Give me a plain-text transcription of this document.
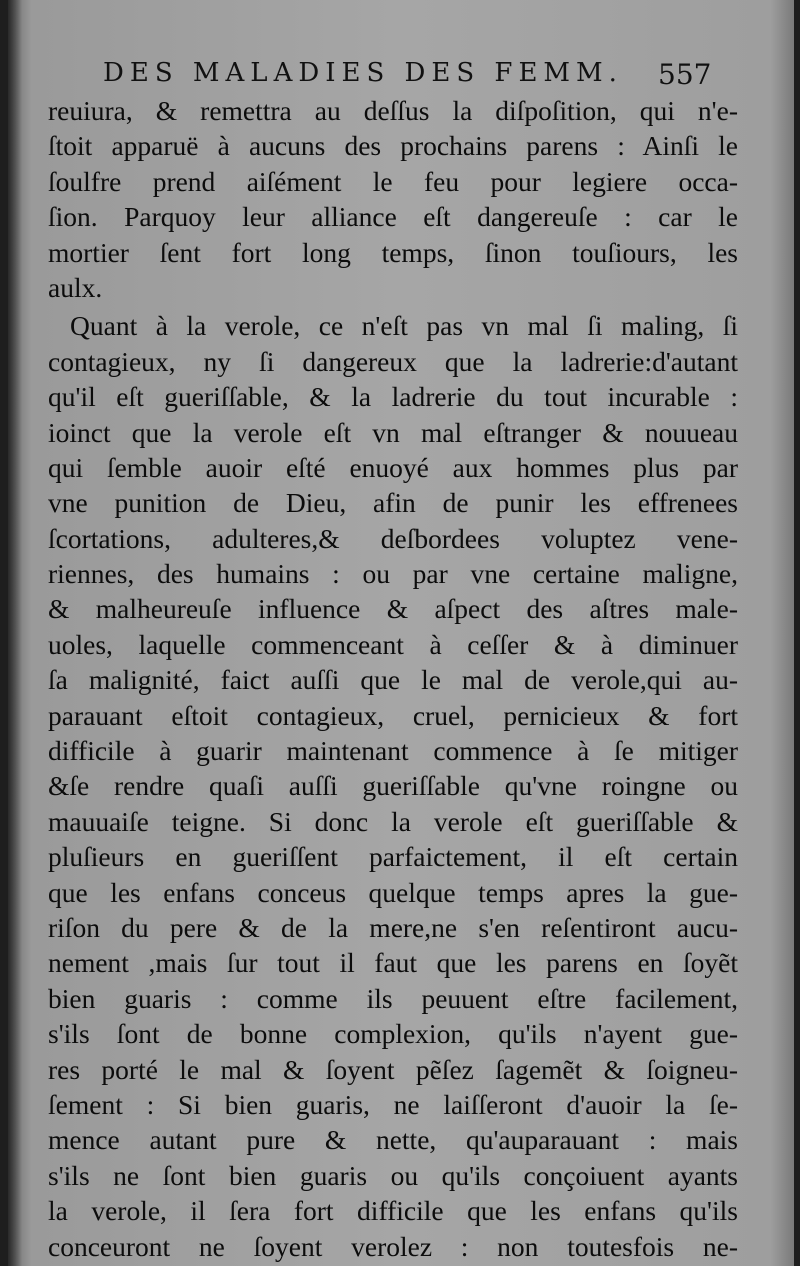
DES MALADIES DES FEMM. 557
reuiura, & remettra au deſſus la diſpoſition, qui n'e-
ſtoit apparuë à aucuns des prochains parens : Ainſi le
ſoulfre prend aiſément le feu pour legiere occa-
ſion. Parquoy leur alliance eſt dangereuſe : car le
mortier ſent fort long temps, ſinon touſiours, les
aulx.
Quant à la verole, ce n'eſt pas vn mal ſi maling, ſi
contagieux, ny ſi dangereux que la ladrerie:d'autant
qu'il eſt gueriſſable, & la ladrerie du tout incurable :
ioinct que la verole eſt vn mal eſtranger & nouueau
qui ſemble auoir eſté enuoyé aux hommes plus par
vne punition de Dieu, afin de punir les effrenees
ſcortations, adulteres,& deſbordees voluptez vene-
riennes, des humains : ou par vne certaine maligne,
& malheureuſe influence & aſpect des aſtres male-
uoles, laquelle commenceant à ceſſer & à diminuer
ſa malignité, faict auſſi que le mal de verole,qui au-
parauant eſtoit contagieux, cruel, pernicieux & fort
difficile à guarir maintenant commence à ſe mitiger
&ſe rendre quaſi auſſi gueriſſable qu'vne roingne ou
mauuaiſe teigne. Si donc la verole eſt gueriſſable &
pluſieurs en gueriſſent parfaictement, il eſt certain
que les enfans conceus quelque temps apres la gue-
riſon du pere & de la mere,ne s'en reſentiront aucu-
nement ,mais ſur tout il faut que les parens en ſoyẽt
bien guaris : comme ils peuuent eſtre facilement,
s'ils ſont de bonne complexion, qu'ils n'ayent gue-
res porté le mal & ſoyent pẽſez ſagemẽt & ſoigneu-
ſement : Si bien guaris, ne laiſſeront d'auoir la ſe-
mence autant pure & nette, qu'auparauant : mais
s'ils ne ſont bien guaris ou qu'ils conçoiuent ayants
la verole, il ſera fort difficile que les enfans qu'ils
conceuront ne ſoyent verolez : non toutesfois ne-
